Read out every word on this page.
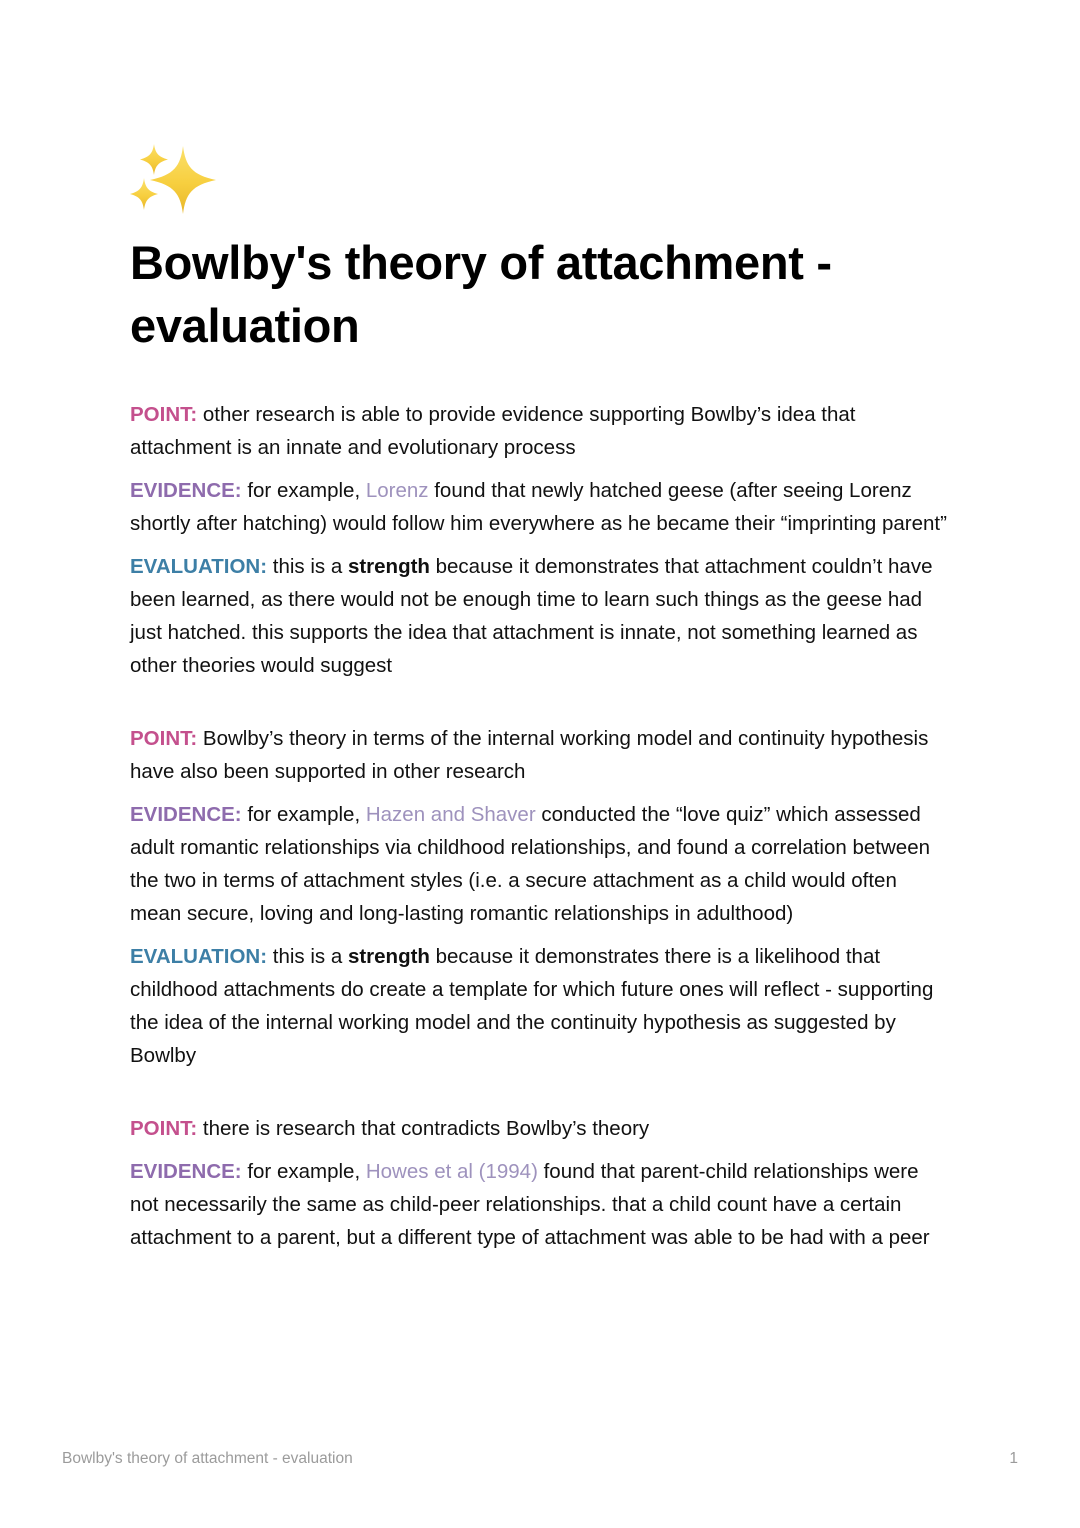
Bowlby's theory of attachment - evaluation

POINT: other research is able to provide evidence supporting Bowlby’s idea that attachment is an innate and evolutionary process

EVIDENCE: for example, Lorenz found that newly hatched geese (after seeing Lorenz shortly after hatching) would follow him everywhere as he became their “imprinting parent”

EVALUATION: this is a strength because it demonstrates that attachment couldn’t have been learned, as there would not be enough time to learn such things as the geese had just hatched. this supports the idea that attachment is innate, not something learned as other theories would suggest

POINT: Bowlby’s theory in terms of the internal working model and continuity hypothesis have also been supported in other research

EVIDENCE: for example, Hazen and Shaver conducted the “love quiz” which assessed adult romantic relationships via childhood relationships, and found a correlation between the two in terms of attachment styles (i.e. a secure attachment as a child would often mean secure, loving and long-lasting romantic relationships in adulthood)

EVALUATION: this is a strength because it demonstrates there is a likelihood that childhood attachments do create a template for which future ones will reflect - supporting the idea of the internal working model and the continuity hypothesis as suggested by Bowlby

POINT: there is research that contradicts Bowlby’s theory

EVIDENCE: for example, Howes et al (1994) found that parent-child relationships were not necessarily the same as child-peer relationships. that a child count have a certain attachment to a parent, but a different type of attachment was able to be had with a peer

Bowlby's theory of attachment - evaluation	1
